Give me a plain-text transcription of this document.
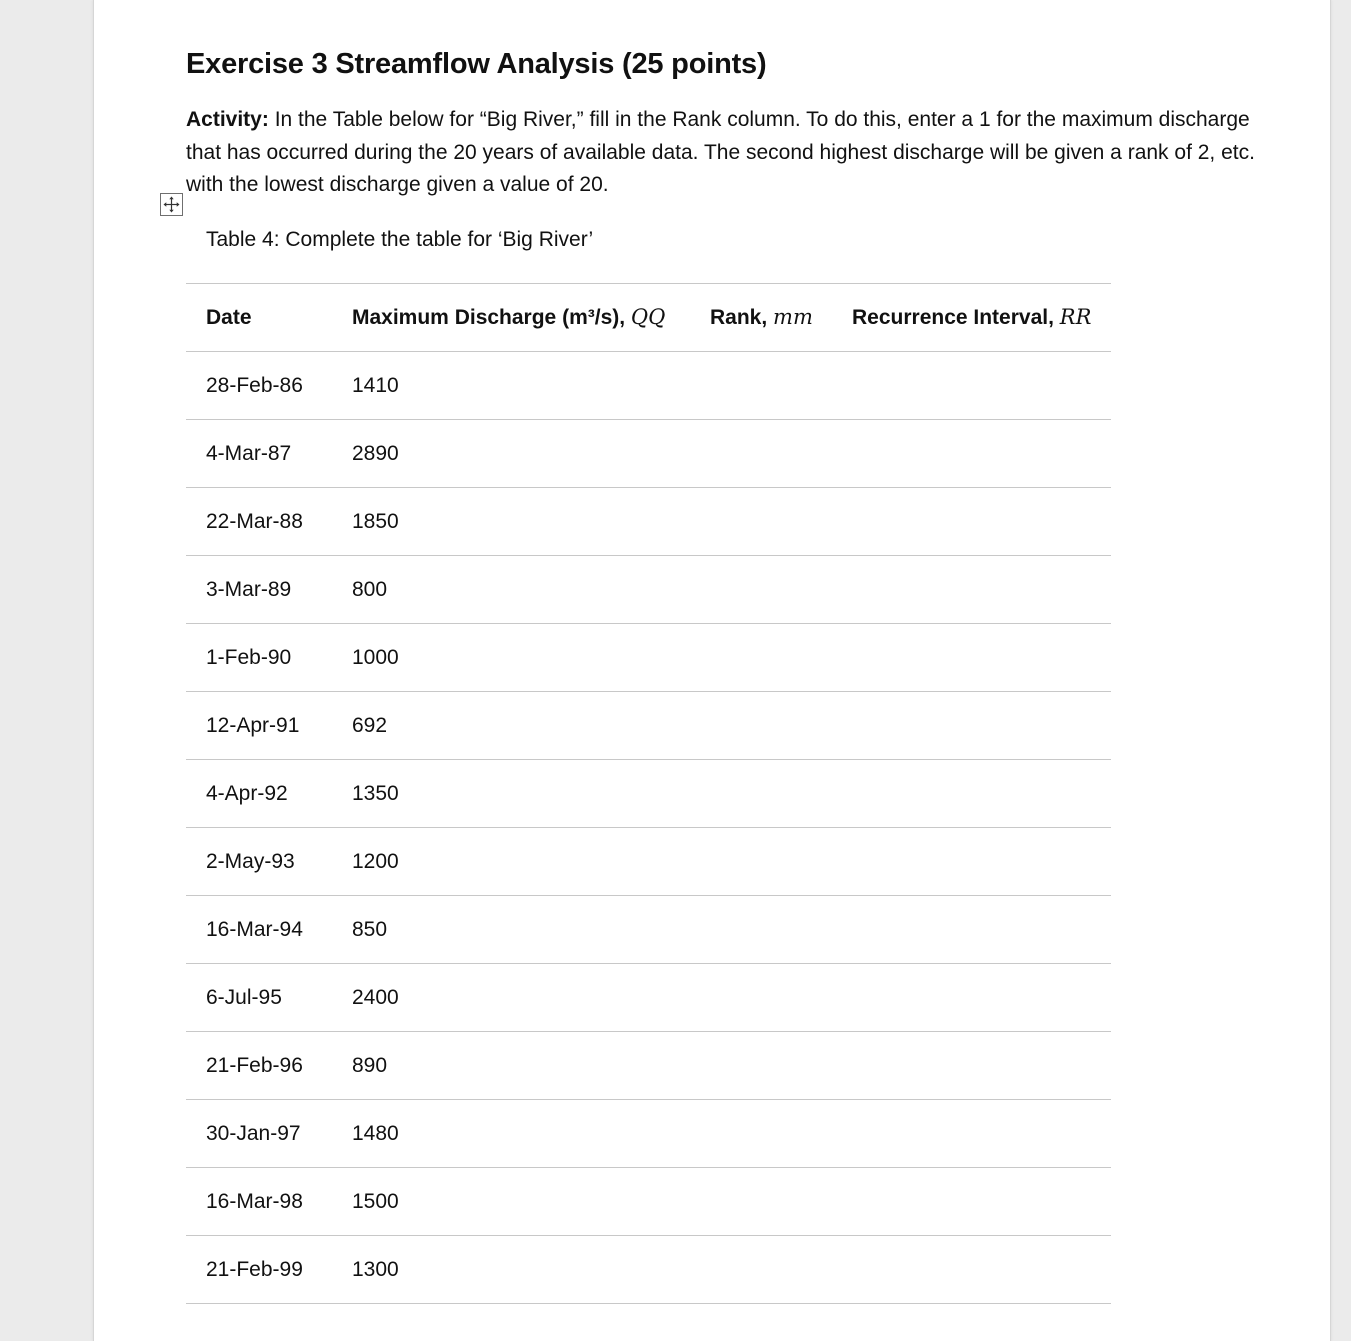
Exercise 3 Streamflow Analysis (25 points)

Activity: In the Table below for “Big River,” fill in the Rank column. To do this, enter a 1 for the maximum discharge that has occurred during the 20 years of available data. The second highest discharge will be given a rank of 2, etc. with the lowest discharge given a value of 20.

Table 4: Complete the table for ‘Big River’

Date	Maximum Discharge (m³/s), QQ	Rank, mm	Recurrence Interval, RR
28-Feb-86	1410		
4-Mar-87	2890		
22-Mar-88	1850		
3-Mar-89	800		
1-Feb-90	1000		
12-Apr-91	692		
4-Apr-92	1350		
2-May-93	1200		
16-Mar-94	850		
6-Jul-95	2400		
21-Feb-96	890		
30-Jan-97	1480		
16-Mar-98	1500		
21-Feb-99	1300		
